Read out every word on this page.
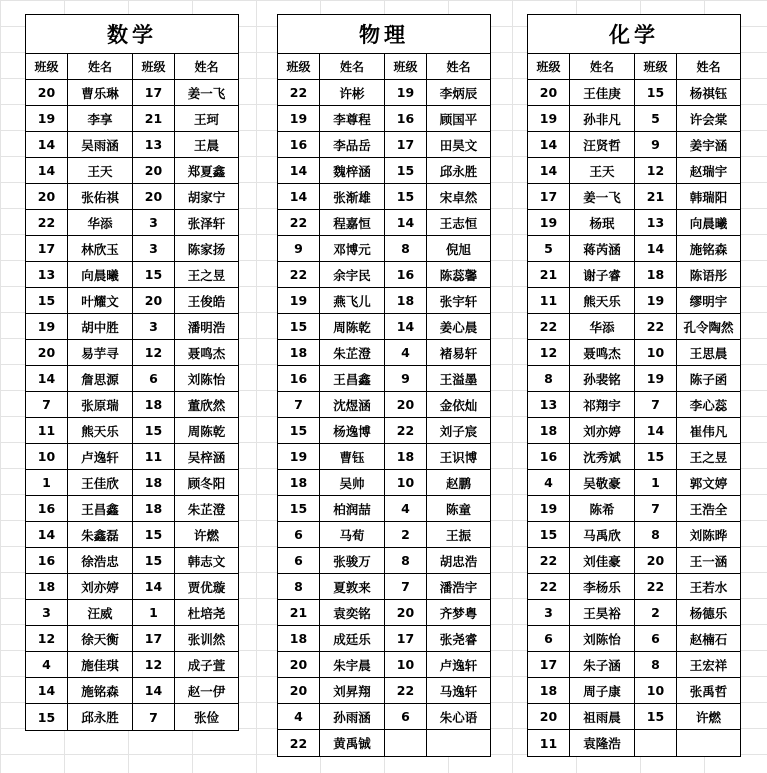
数学
班级	姓名	班级	姓名
20	曹乐琳	17	姜一飞
19	李享	21	王珂
14	吴雨涵	13	王晨
14	王天	20	郑夏鑫
20	张佑祺	20	胡家宁
22	华添	3	张泽轩
17	林欣玉	3	陈家扬
13	向晨曦	15	王之昱
15	叶耀文	20	王俊皓
19	胡中胜	3	潘明浩
20	易芋寻	12	聂鸣杰
14	詹思源	6	刘陈怡
7	张原瑞	18	董欣然
11	熊天乐	15	周陈乾
10	卢逸轩	11	吴梓涵
1	王佳欣	18	顾冬阳
16	王昌鑫	18	朱芷澄
14	朱鑫磊	15	许燃
16	徐浩忠	15	韩志文
18	刘亦婷	14	贾优璇
3	汪威	1	杜培尧
12	徐天衡	17	张训然
4	施佳琪	12	成子萱
14	施铭森	14	赵一伊
15	邱永胜	7	张俭
物理
班级	姓名	班级	姓名
22	许彬	19	李炳辰
19	李尊程	16	顾国平
16	李品岳	17	田昊文
14	魏梓涵	15	邱永胜
14	张渐雄	15	宋卓然
22	程嘉恒	14	王志恒
9	邓博元	8	倪旭
22	余宇民	16	陈蕊馨
19	燕飞儿	18	张宇轩
15	周陈乾	14	姜心晨
18	朱芷澄	4	褚易轩
16	王昌鑫	9	王溢墨
7	沈煜涵	20	金依灿
15	杨逸博	22	刘子宸
19	曹钰	18	王识博
18	吴帅	10	赵鹏
15	柏润喆	4	陈童
6	马荀	2	王振
6	张骏万	8	胡忠浩
8	夏敦来	7	潘浩宇
21	袁奕铭	20	齐梦粤
18	成廷乐	17	张尧睿
20	朱宇晨	10	卢逸轩
20	刘昇翔	22	马逸轩
4	孙雨涵	6	朱心语
22	黄禹铖
化学
班级	姓名	班级	姓名
20	王佳庚	15	杨祺钰
19	孙非凡	5	许会棠
14	汪贤哲	9	姜宇涵
14	王天	12	赵瑞宇
17	姜一飞	21	韩瑞阳
19	杨珉	13	向晨曦
5	蒋芮涵	14	施铭森
21	谢子睿	18	陈语彤
11	熊天乐	19	缪明宇
22	华添	22	孔令陶然
12	聂鸣杰	10	王思晨
8	孙裴铭	19	陈子函
13	祁翔宇	7	李心蕊
18	刘亦婷	14	崔伟凡
16	沈秀斌	15	王之昱
4	吴敬豪	1	郭文婷
19	陈希	7	王浩全
15	马禹欣	8	刘陈晔
22	刘佳豪	20	王一涵
22	李杨乐	22	王若水
3	王昊裕	2	杨德乐
6	刘陈怡	6	赵楠石
17	朱子涵	8	王宏祥
18	周子康	10	张禹哲
20	祖雨晨	15	许燃
11	袁隆浩
